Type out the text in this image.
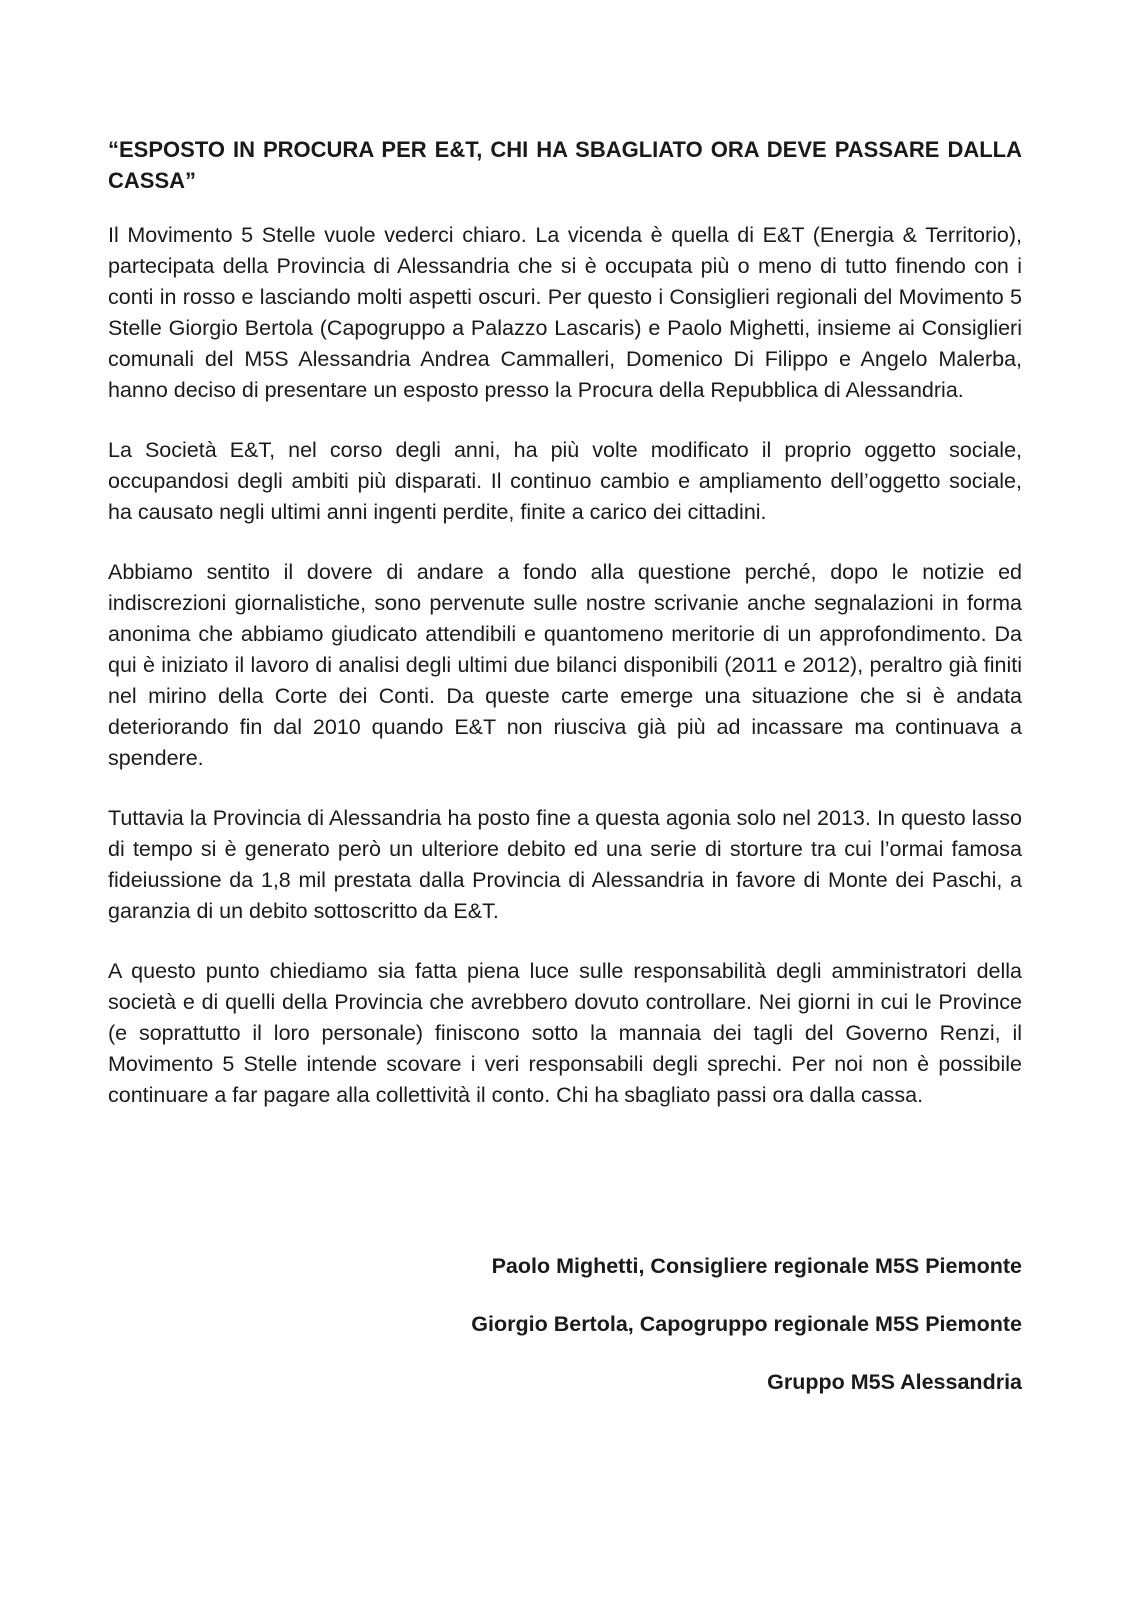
“ESPOSTO IN PROCURA PER E&T, CHI HA SBAGLIATO ORA DEVE PASSARE DALLA CASSA”

Il Movimento 5 Stelle vuole vederci chiaro. La vicenda è quella di E&T (Energia & Territorio), partecipata della Provincia di Alessandria che si è occupata più o meno di tutto finendo con i conti in rosso e lasciando molti aspetti oscuri. Per questo i Consiglieri regionali del Movimento 5 Stelle Giorgio Bertola (Capogruppo a Palazzo Lascaris) e Paolo Mighetti, insieme ai Consiglieri comunali del M5S Alessandria Andrea Cammalleri, Domenico Di Filippo e Angelo Malerba, hanno deciso di presentare un esposto presso la Procura della Repubblica di Alessandria.

La Società E&T, nel corso degli anni, ha più volte modificato il proprio oggetto sociale, occupandosi degli ambiti più disparati. Il continuo cambio e ampliamento dell’oggetto sociale, ha causato negli ultimi anni ingenti perdite, finite a carico dei cittadini.

Abbiamo sentito il dovere di andare a fondo alla questione perché, dopo le notizie ed indiscrezioni giornalistiche, sono pervenute sulle nostre scrivanie anche segnalazioni in forma anonima che abbiamo giudicato attendibili e quantomeno meritorie di un approfondimento. Da qui è iniziato il lavoro di analisi degli ultimi due bilanci disponibili (2011 e 2012), peraltro già finiti nel mirino della Corte dei Conti. Da queste carte emerge una situazione che si è andata deteriorando fin dal 2010 quando E&T non riusciva già più ad incassare ma continuava a spendere.

Tuttavia la Provincia di Alessandria ha posto fine a questa agonia solo nel 2013. In questo lasso di tempo si è generato però un ulteriore debito ed una serie di storture tra cui l’ormai famosa fideiussione da 1,8 mil prestata dalla Provincia di Alessandria in favore di Monte dei Paschi, a garanzia di un debito sottoscritto da E&T.

A questo punto chiediamo sia fatta piena luce sulle responsabilità degli amministratori della società e di quelli della Provincia che avrebbero dovuto controllare. Nei giorni in cui le Province (e soprattutto il loro personale) finiscono sotto la mannaia dei tagli del Governo Renzi, il Movimento 5 Stelle intende scovare i veri responsabili degli sprechi. Per noi non è possibile continuare a far pagare alla collettività il conto. Chi ha sbagliato passi ora dalla cassa.

Paolo Mighetti, Consigliere regionale M5S Piemonte

Giorgio Bertola, Capogruppo regionale M5S Piemonte

Gruppo M5S Alessandria
